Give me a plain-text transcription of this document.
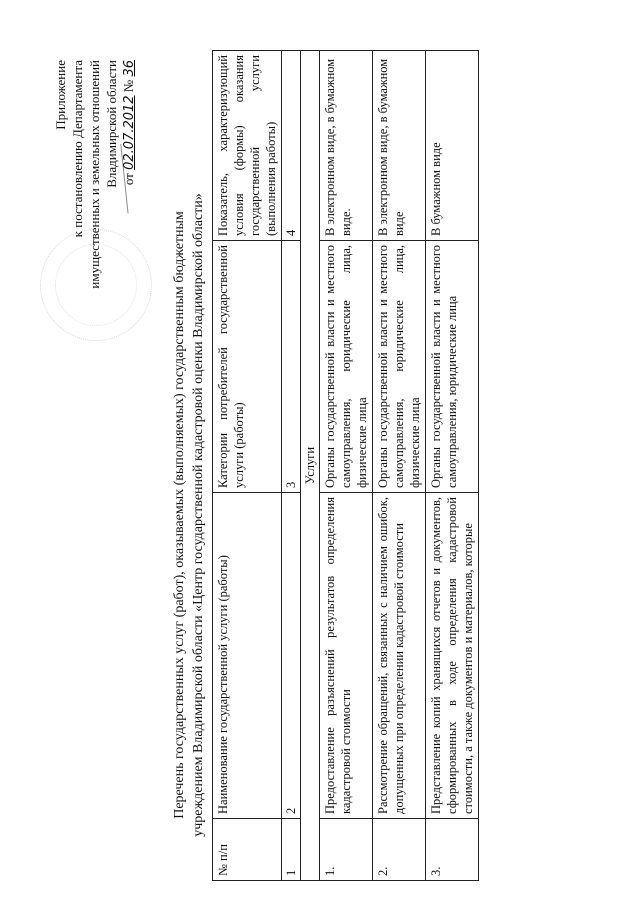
Приложение к постановлению Департамента имущественных и земельных отношений Владимирской области от 02.07.2012 № 36
Перечень государственных услуг (работ), оказываемых (выполняемых) государственным бюджетным учреждением Владимирской области «Центр государственной кадастровой оценки Владимирской области»
№ п/п	Наименование государственной услуги (работы)	Категории потребителей государственной услуги (работы)	Показатель, характеризующий условия (формы) оказания государственной услуги (выполнения работы)
1	2	3	4
Услуги			
1.	Предоставление разъяснений результатов определения кадастровой стоимости	Органы государственной власти и местного самоуправления, юридические лица, физические лица	В электронном виде, в бумажном виде.
2.	Рассмотрение обращений, связанных с наличием ошибок, допущенных при определении кадастровой стоимости	Органы государственной власти и местного самоуправления, юридические лица, физические лица	В электронном виде, в бумажном виде
3.	Представление копий хранящихся отчетов и документов, сформированных в ходе определения кадастровой стоимости, а также документов и материалов, которые	Органы государственной власти и местного самоуправления, юридические лица	В бумажном виде
